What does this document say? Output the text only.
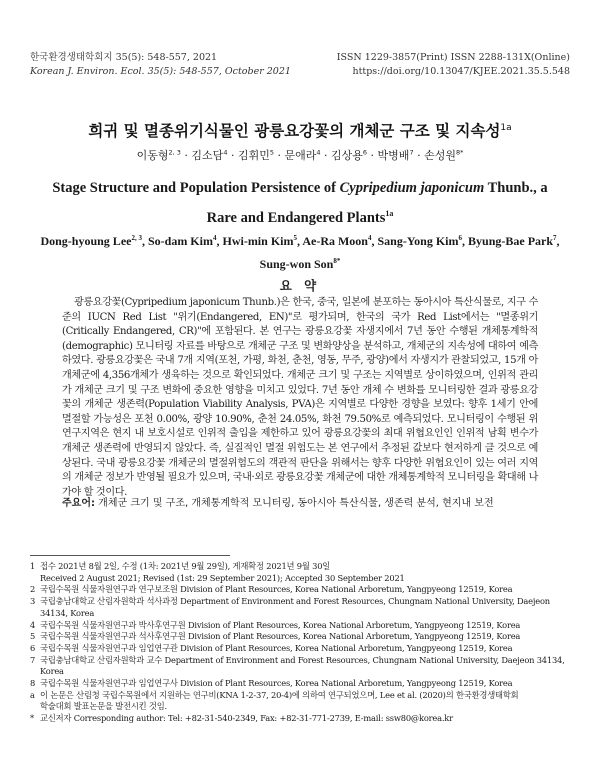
한국환경생태학회지 35(5): 548-557, 2021
Korean J. Environ. Ecol. 35(5): 548-557, October 2021
ISSN 1229-3857(Print) ISSN 2288-131X(Online)
https://doi.org/10.13047/KJEE.2021.35.5.548
희귀 및 멸종위기식물인 광릉요강꽃의 개체군 구조 및 지속성$^{1a}$
이동형$^{2, 3}$ · 김소담$^4$ · 김휘민$^5$ · 문애라$^4$ · 김상용$^6$ · 박병배$^7$ · 손성원$^{8*}$
Stage Structure and Population Persistence of Cypripedium japonicum Thunb., a Rare and Endangered Plants$^{1a}$
Dong-hyoung Lee$^{2, 3}$, So-dam Kim$^4$, Hwi-min Kim$^5$, Ae-Ra Moon$^4$, Sang-Yong Kim$^6$, Byung-Bae Park$^7$, Sung-won Son$^{8*}$
요 약
광릉요강꽃(Cypripedium japonicum Thunb.)은 한국, 중국, 일본에 분포하는 동아시아 특산식물로, 지구 수준의 IUCN Red List "위기(Endangered, EN)"로 평가되며, 한국의 국가 Red List에서는 "멸종위기(Critically Endangered, CR)"에 포함된다. 본 연구는 광릉요강꽃 자생지에서 7년 동안 수행된 개체통계학적(demographic) 모니터링 자료를 바탕으로 개체군 구조 및 변화양상을 분석하고, 개체군의 지속성에 대하여 예측하였다. 광릉요강꽃은 국내 7개 지역(포천, 가평, 화천, 춘천, 영동, 무주, 광양)에서 자생지가 관찰되었고, 15개 아개체군에 4,356개체가 생육하는 것으로 확인되었다. 개체군 크기 및 구조는 지역별로 상이하였으며, 인위적 관리가 개체군 크기 및 구조 변화에 중요한 영향을 미치고 있었다. 7년 동안 개체 수 변화를 모니터링한 결과 광릉요강꽃의 개체군 생존력(Population Viability Analysis, PVA)은 지역별로 다양한 경향을 보였다: 향후 1세기 안에 멸절할 가능성은 포천 0.00%, 광양 10.90%, 춘천 24.05%, 화천 79.50%로 예측되었다. 모니터링이 수행된 위 연구지역은 현지 내 보호시설로 인위적 출입을 제한하고 있어 광릉요강꽃의 최대 위협요인인 인위적 남획 변수가 개체군 생존력에 반영되지 않았다. 즉, 실질적인 멸절 위험도는 본 연구에서 추정된 값보다 현저하게 클 것으로 예상된다. 국내 광릉요강꽃 개체군의 멸절위험도의 객관적 판단을 위해서는 향후 다양한 위협요인이 있는 여러 지역의 개체군 정보가 반영될 필요가 있으며, 국내·외로 광릉요강꽃 개체군에 대한 개체통계학적 모니터링을 확대해 나가야 할 것이다.
주요어: 개체군 크기 및 구조, 개체통계학적 모니터링, 동아시아 특산식물, 생존력 분석, 현지내 보전
1 접수 2021년 8월 2일, 수정 (1차: 2021년 9월 29일), 게재확정 2021년 9월 30일
Received 2 August 2021; Revised (1st: 29 September 2021); Accepted 30 September 2021
2 국립수목원 식물자원연구과 연구보조원 Division of Plant Resources, Korea National Arboretum, Yangpyeong 12519, Korea
3 국립충남대학교 산림자원학과 석사과정 Department of Environment and Forest Resources, Chungnam National University, Daejeon
34134, Korea
4 국립수목원 식물자원연구과 박사후연구원 Division of Plant Resources, Korea National Arboretum, Yangpyeong 12519, Korea
5 국립수목원 식물자원연구과 석사후연구원 Division of Plant Resources, Korea National Arboretum, Yangpyeong 12519, Korea
6 국립수목원 식물자원연구과 임업연구관 Division of Plant Resources, Korea National Arboretum, Yangpyeong 12519, Korea
7 국립충남대학교 산림자원학과 교수 Department of Environment and Forest Resources, Chungnam National University, Daejeon 34134,
Korea
8 국립수목원 식물자원연구과 임업연구사 Division of Plant Resources, Korea National Arboretum, Yangpyeong 12519, Korea
a 이 논문은 산림청 국립수목원에서 지원하는 연구비(KNA 1-2-37, 20-4)에 의하여 연구되었으며, Lee et al. (2020)의 한국환경생태학회
학술대회 발표논문을 발전시킨 것임.
* 교신저자 Corresponding author: Tel: +82-31-540-2349, Fax: +82-31-771-2739, E-mail: ssw80@korea.kr
